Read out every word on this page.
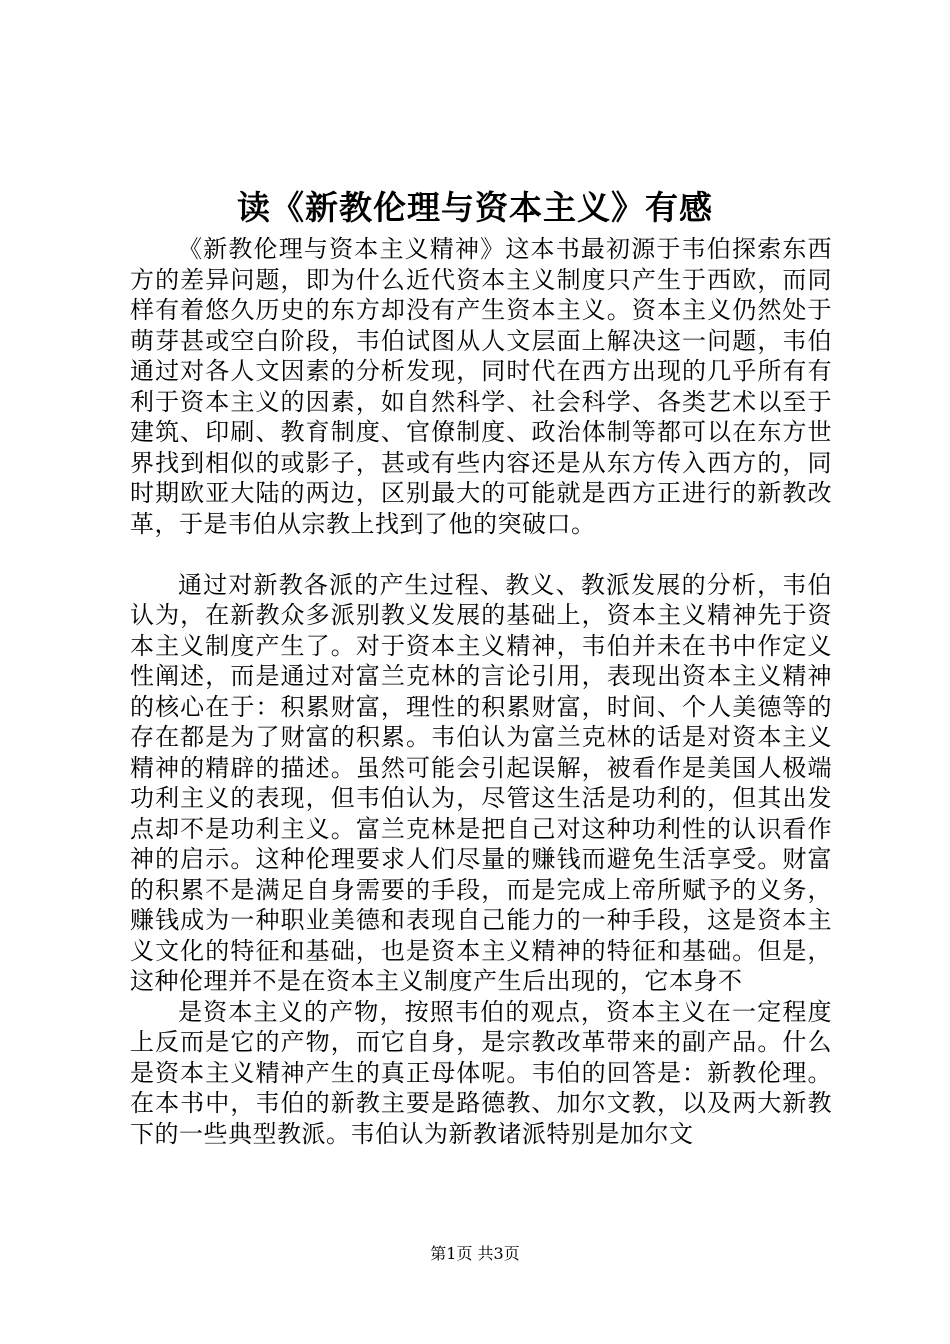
读《新教伦理与资本主义》有感

《新教伦理与资本主义精神》这本书最初源于韦伯探索东西方的差异问题，即为什么近代资本主义制度只产生于西欧，而同样有着悠久历史的东方却没有产生资本主义。资本主义仍然处于萌芽甚或空白阶段，韦伯试图从人文层面上解决这一问题，韦伯通过对各人文因素的分析发现，同时代在西方出现的几乎所有有利于资本主义的因素，如自然科学、社会科学、各类艺术以至于建筑、印刷、教育制度、官僚制度、政治体制等都可以在东方世界找到相似的或影子，甚或有些内容还是从东方传入西方的，同时期欧亚大陆的两边，区别最大的可能就是西方正进行的新教改革，于是韦伯从宗教上找到了他的突破口。

通过对新教各派的产生过程、教义、教派发展的分析，韦伯认为，在新教众多派别教义发展的基础上，资本主义精神先于资本主义制度产生了。对于资本主义精神，韦伯并未在书中作定义性阐述，而是通过对富兰克林的言论引用，表现出资本主义精神的核心在于：积累财富，理性的积累财富，时间、个人美德等的存在都是为了财富的积累。韦伯认为富兰克林的话是对资本主义精神的精辟的描述。虽然可能会引起误解，被看作是美国人极端功利主义的表现，但韦伯认为，尽管这生活是功利的，但其出发点却不是功利主义。富兰克林是把自己对这种功利性的认识看作神的启示。这种伦理要求人们尽量的赚钱而避免生活享受。财富的积累不是满足自身需要的手段，而是完成上帝所赋予的义务，赚钱成为一种职业美德和表现自己能力的一种手段，这是资本主义文化的特征和基础，也是资本主义精神的特征和基础。但是，这种伦理并不是在资本主义制度产生后出现的，它本身不

是资本主义的产物，按照韦伯的观点，资本主义在一定程度上反而是它的产物，而它自身，是宗教改革带来的副产品。什么是资本主义精神产生的真正母体呢。韦伯的回答是：新教伦理。在本书中，韦伯的新教主要是路德教、加尔文教，以及两大新教下的一些典型教派。韦伯认为新教诸派特别是加尔文

第1页 共3页
